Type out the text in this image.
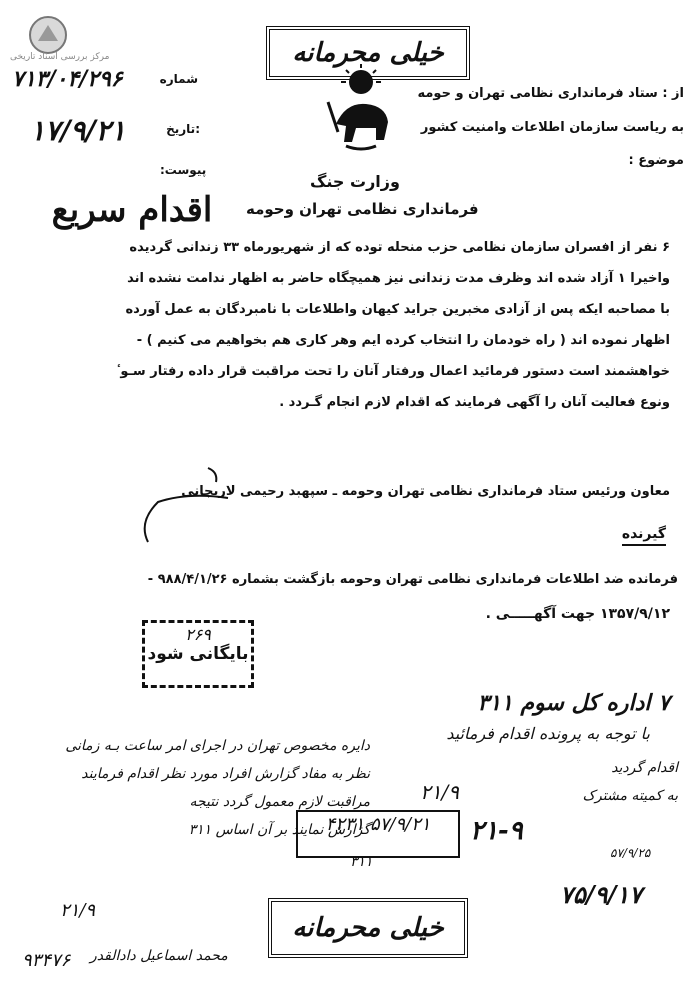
مرکز بررسی اسناد تاریخی	خیلی محرمانه
از : ستاد فرمانداری نظامی تهران و حومه
به ریاست سازمان اطلاعات وامنیت کشور
موضوع :
۷۱۳/۰۴/۲۹۶	شماره
۱۷/۹/۲۱	تاریخ:
پیوست:
وزارت جنگ
فرمانداری نظامی تهران وحومه
اقدام سریع
۶ نفر از افسران سازمان نظامی حزب منحله توده که از شهریورماه ۳۳ زندانی گردیده
واخیرا ۱ آزاد شده اند وظرف مدت زندانی نیز همیچگاه حاضر به اظهار ندامت نشده اند
با مصاحبه ایکه پس از آزادی مخبرین جراید کیهان واطلاعات با نامبردگان به عمل آورده
اظهار نموده اند ( راه خودمان را انتخاب کرده ایم وهر کاری هم بخواهیم می کنیم ) -
خواهشمند است دستور فرمائید اعمال ورفتار آنان را تحت مراقبت قرار داده رفتار سـو ٔ
ونوع فعالیت آنان را آگهی فرمایند که اقدام لازم انجام گـردد .
معاون ورئیس ستاد فرمانداری نظامی تهران وحومه ـ سپهبد رحیمی لاریجانی
گیرنده
فرمانده ضد اطلاعات فرمانداری نظامی تهران وحومه بازگشت بشماره ۹۸۸/۴/۱/۲۶ -
۱۳۵۷/۹/۱۲ جهت آگهـــــی .
۲۶۹
بایگانی شود
۷ اداره کل سوم ۳۱۱
با توجه به پرونده اقدام فرمائید
۲۱/۹
دایره مخصوص تهران در اجرای امر ساعت بـه زمانی
نظر به مفاد گزارش افراد مورد نظر اقدام فرمایند
مراقبت لازم معمول گردد نتیجه
گزارش نمایند بر آن اساس ۳۱۱
۲۱/۹
اقدام گردید
به کمیته مشترک
۵۷/۹/۲۵
۲۱-۹
۴۲۳۱ ۵۷/۹/۲۱
۳۱۱
۷۵/۹/۱۷
خیلی محرمانه
۹۳۴۷۶ محمد اسماعیل دادالقدر
